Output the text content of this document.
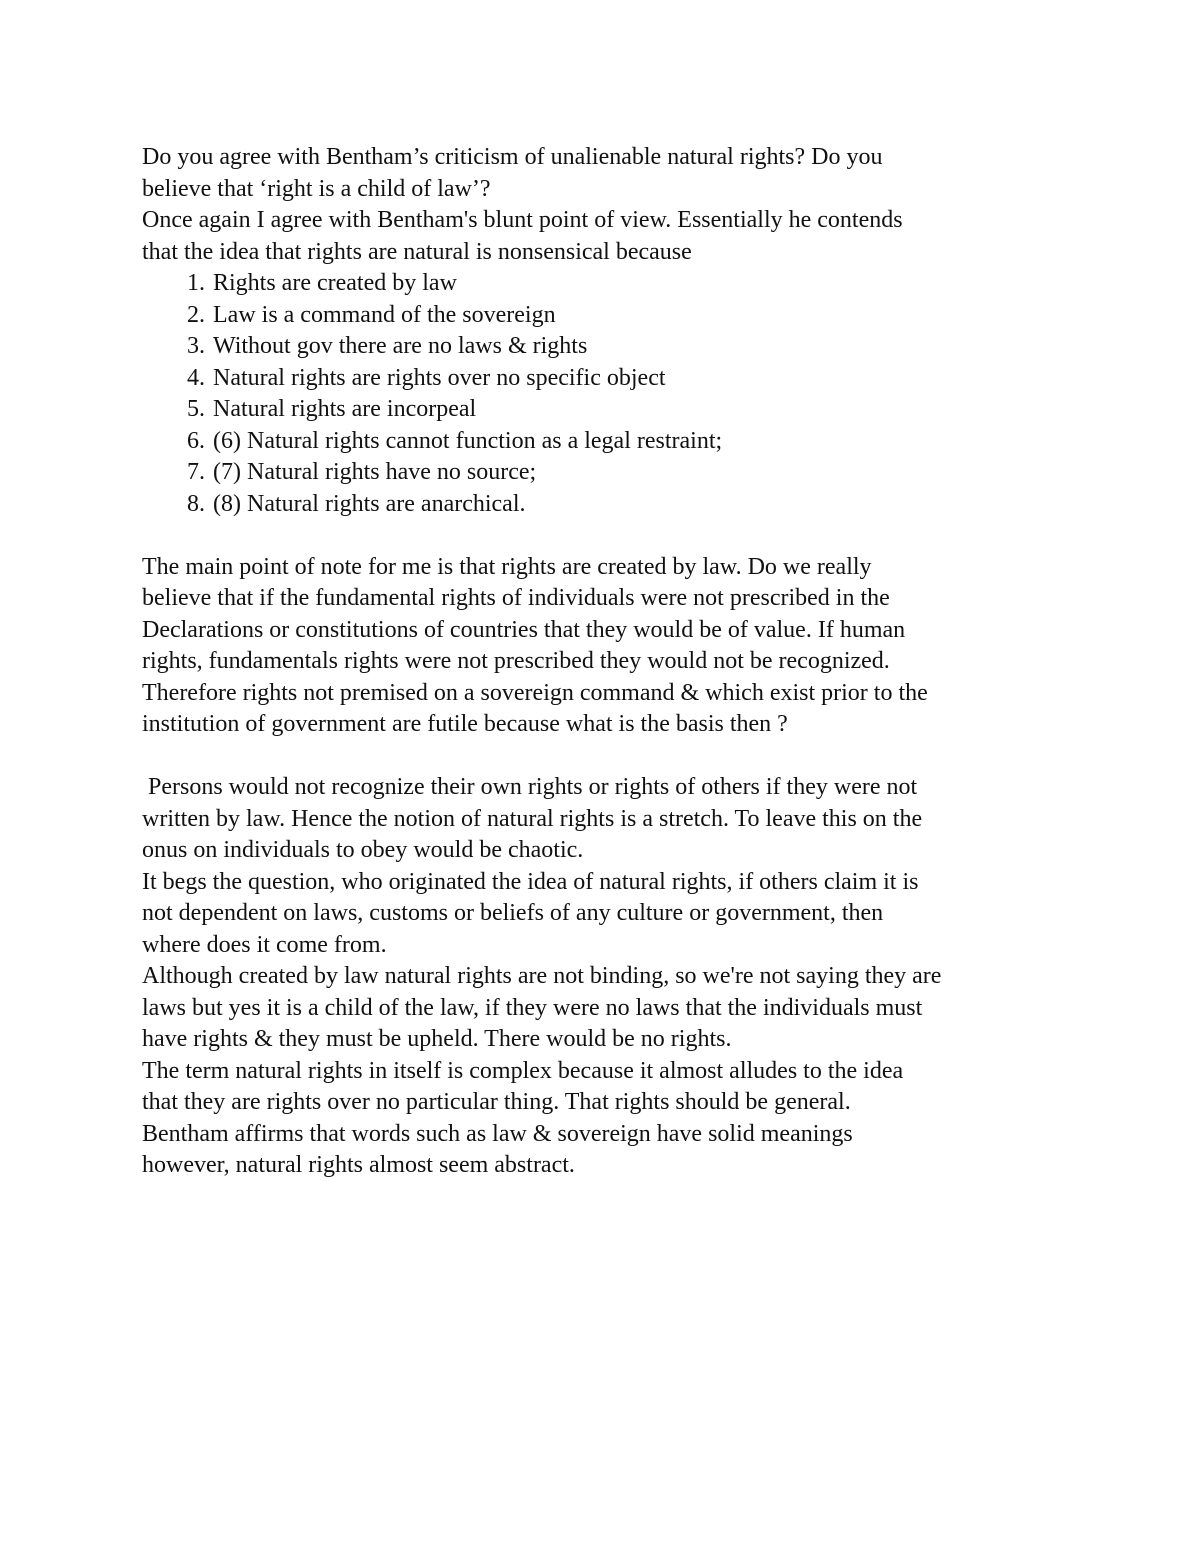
Do you agree with Bentham’s criticism of unalienable natural rights? Do you
believe that ‘right is a child of law’?
Once again I agree with Bentham's blunt point of view. Essentially he contends
that the idea that rights are natural is nonsensical because
1. Rights are created by law
2. Law is a command of the sovereign
3. Without gov there are no laws & rights
4. Natural rights are rights over no specific object
5. Natural rights are incorpeal
6. (6) Natural rights cannot function as a legal restraint;
7. (7) Natural rights have no source;
8. (8) Natural rights are anarchical.
The main point of note for me is that rights are created by law. Do we really
believe that if the fundamental rights of individuals were not prescribed in the
Declarations or constitutions of countries that they would be of value. If human
rights, fundamentals rights were not prescribed they would not be recognized.
Therefore rights not premised on a sovereign command & which exist prior to the
institution of government are futile because what is the basis then ?
Persons would not recognize their own rights or rights of others if they were not
written by law. Hence the notion of natural rights is a stretch. To leave this on the
onus on individuals to obey would be chaotic.
It begs the question, who originated the idea of natural rights, if others claim it is
not dependent on laws, customs or beliefs of any culture or government, then
where does it come from.
Although created by law natural rights are not binding, so we're not saying they are
laws but yes it is a child of the law, if they were no laws that the individuals must
have rights & they must be upheld. There would be no rights.
The term natural rights in itself is complex because it almost alludes to the idea
that they are rights over no particular thing. That rights should be general.
Bentham affirms that words such as law & sovereign have solid meanings
however, natural rights almost seem abstract.
